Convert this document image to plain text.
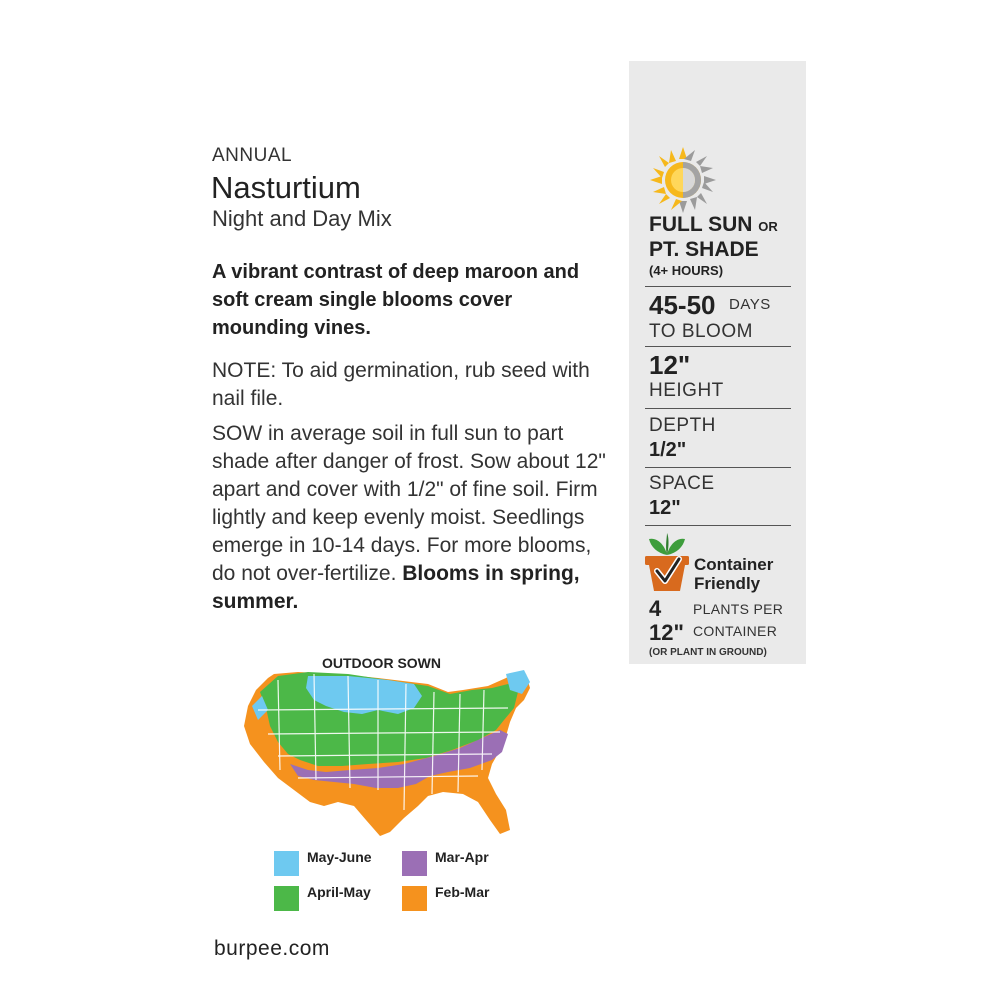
ANNUAL
Nasturtium
Night and Day Mix
A vibrant contrast of deep maroon and soft cream single blooms cover mounding vines.
NOTE: To aid germination, rub seed with nail file.
SOW in average soil in full sun to part shade after danger of frost. Sow about 12" apart and cover with 1/2" of fine soil. Firm lightly and keep evenly moist. Seedlings emerge in 10-14 days. For more blooms, do not over-fertilize. Blooms in spring, summer.
OUTDOOR SOWN
May-June	Mar-Apr
April-May	Feb-Mar
burpee.com
FULL SUN OR
PT. SHADE
(4+ HOURS)
45-50 DAYS
TO BLOOM
12"
HEIGHT
DEPTH
1/2"
SPACE
12"
Container
Friendly
4 PLANTS PER
12" CONTAINER
(OR PLANT IN GROUND)
